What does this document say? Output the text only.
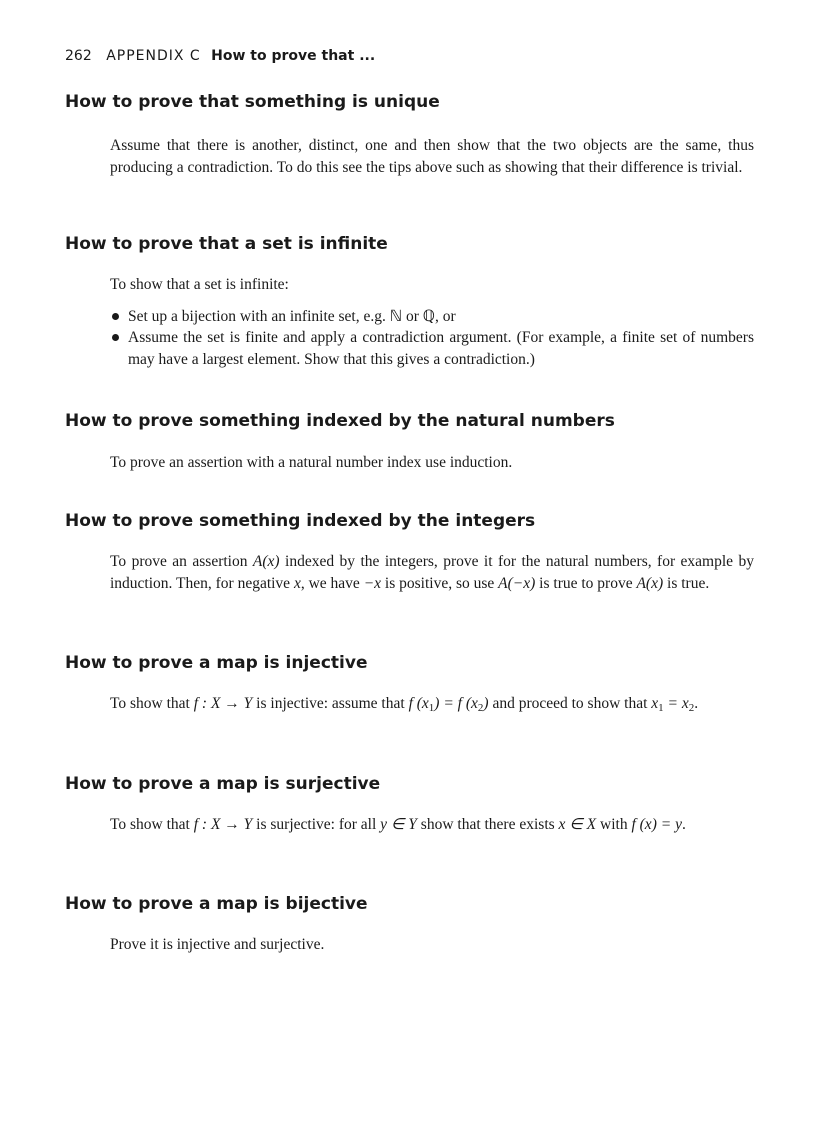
262 APPENDIX C How to prove that ...
How to prove that something is unique

Assume that there is another, distinct, one and then show that the two objects are the same, thus producing a contradiction. To do this see the tips above such as showing that their difference is trivial.

How to prove that a set is infinite

To show that a set is infinite:

Set up a bijection with an infinite set, e.g. ℕ or ℚ, or
Assume the set is finite and apply a contradiction argument. (For example, a finite set of numbers may have a largest element. Show that this gives a contradiction.)
How to prove something indexed by the natural numbers

To prove an assertion with a natural number index use induction.

How to prove something indexed by the integers

To prove an assertion A(x) indexed by the integers, prove it for the natural numbers, for example by induction. Then, for negative x, we have −x is positive, so use A(−x) is true to prove A(x) is true.

How to prove a map is injective

To show that f : X → Y is injective: assume that f $(x_1) = f$ $(x_2)$ and proceed to show that $x_1 = x_2$.

How to prove a map is surjective

To show that f : X → Y is surjective: for all y ∈ Y show that there exists x ∈ X with f (x) = y.

How to prove a map is bijective

Prove it is injective and surjective.
